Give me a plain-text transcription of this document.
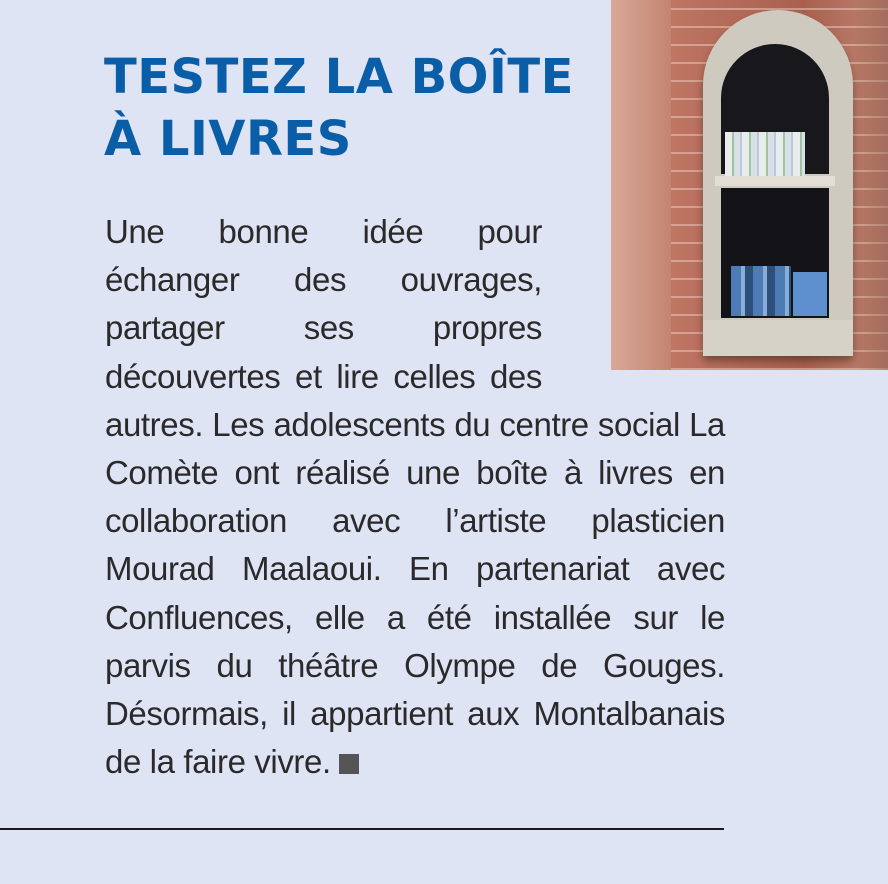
TESTEZ LA BOÎTE
À LIVRES

Une bonne idée pour échanger des ouvrages, partager ses propres découvertes et lire celles des autres. Les adolescents du centre social La Comète ont réalisé une boîte à livres en collaboration avec l’artiste plasticien Mourad Maalaoui. En partenariat avec Confluences, elle a été installée sur le parvis du théâtre Olympe de Gouges. Désormais, il appartient aux Montalbanais de la faire vivre.
